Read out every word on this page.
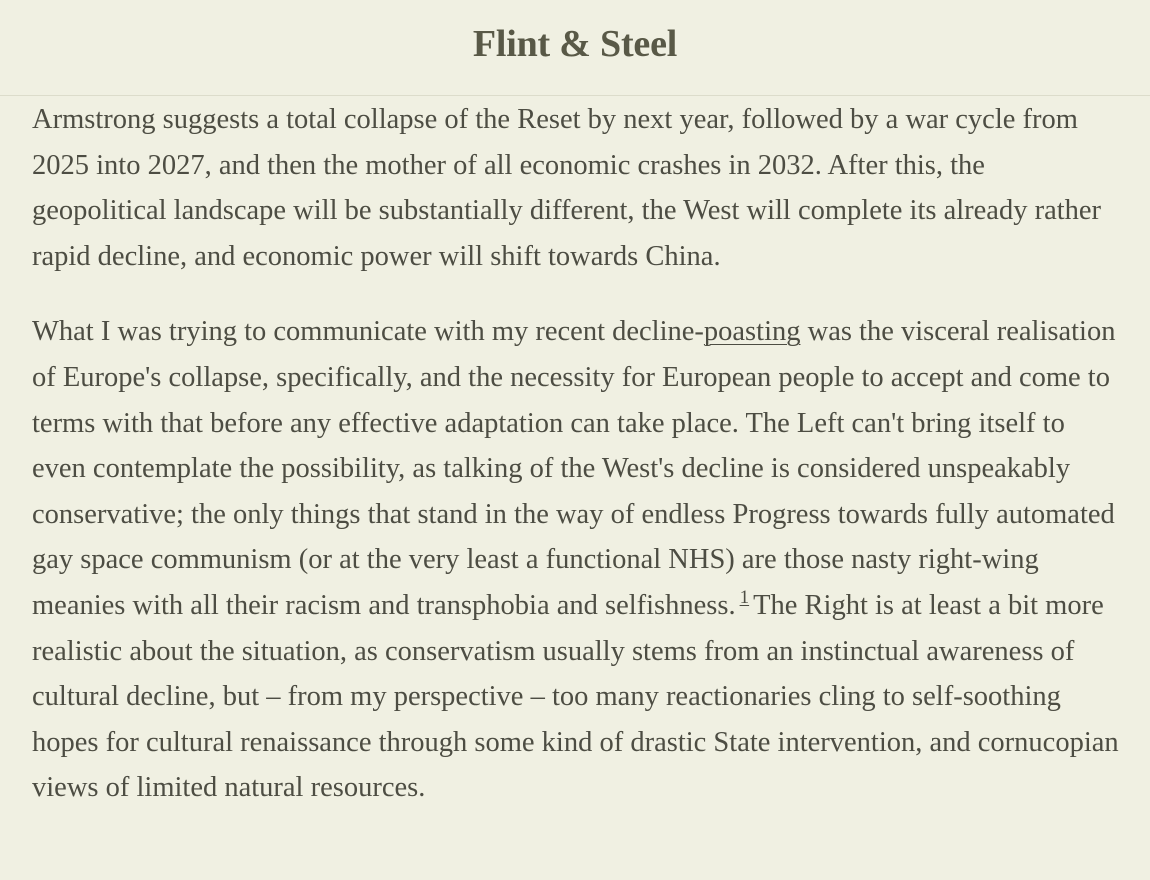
Flint & Steel

Armstrong suggests a total collapse of the Reset by next year, followed by a war cycle from 2025 into 2027, and then the mother of all economic crashes in 2032. After this, the geopolitical landscape will be substantially different, the West will complete its already rather rapid decline, and economic power will shift towards China.

What I was trying to communicate with my recent decline-poasting was the visceral realisation of Europe's collapse, specifically, and the necessity for European people to accept and come to terms with that before any effective adaptation can take place. The Left can't bring itself to even contemplate the possibility, as talking of the West's decline is considered unspeakably conservative; the only things that stand in the way of endless Progress towards fully automated gay space communism (or at the very least a functional NHS) are those nasty right-wing meanies with all their racism and transphobia and selfishness. $^1$ The Right is at least a bit more realistic about the situation, as conservatism usually stems from an instinctual awareness of cultural decline, but – from my perspective – too many reactionaries cling to self-soothing hopes for cultural renaissance through some kind of drastic State intervention, and cornucopian views of limited natural resources.
